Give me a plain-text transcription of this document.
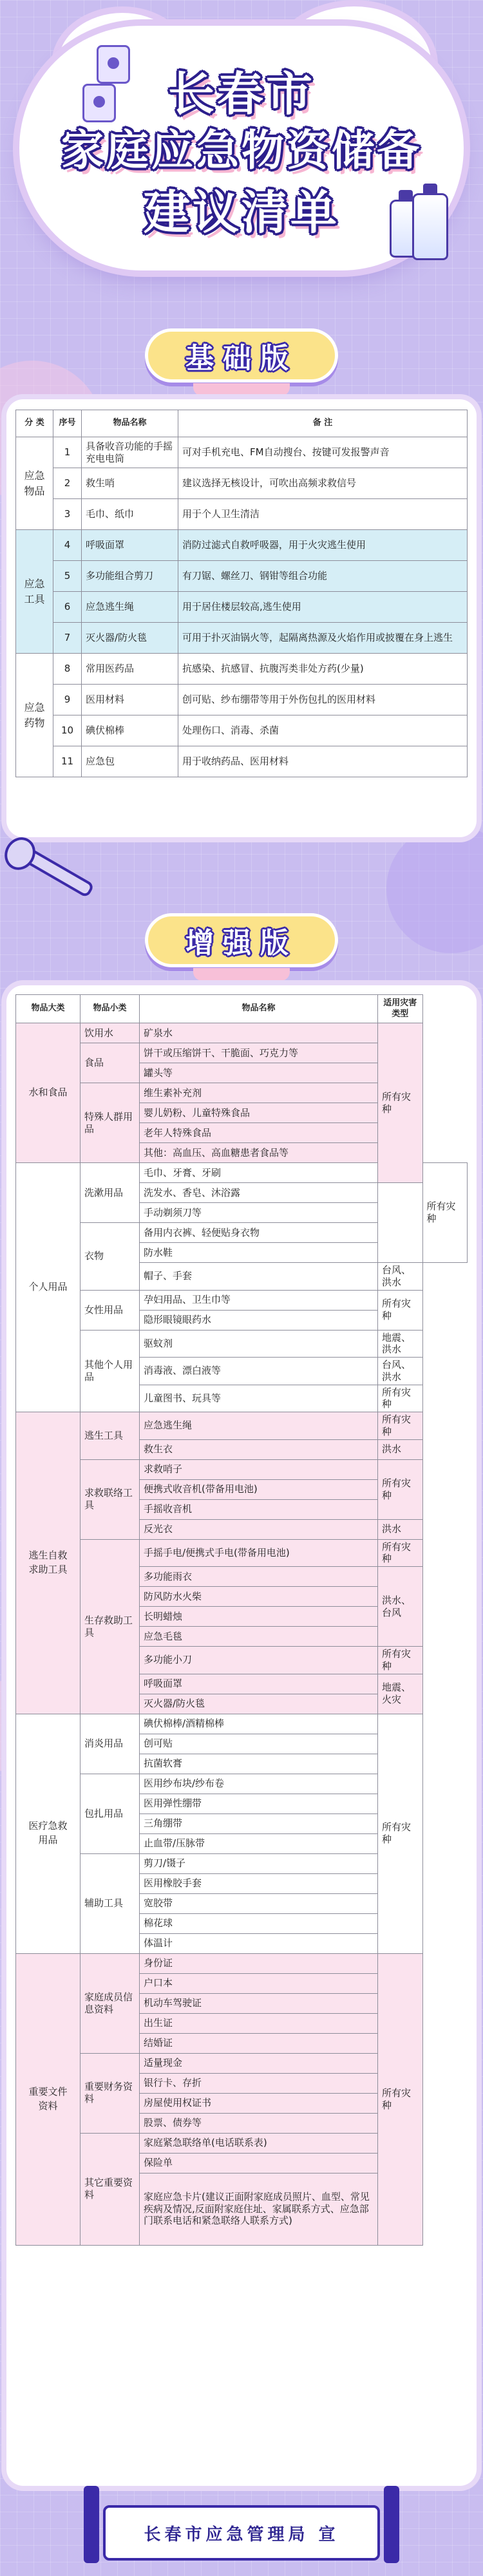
长春市
家庭应急物资储备
建议清单
基础版
分 类	序号	物品名称	备 注
应急物品	1	具备收音功能的手摇充电电筒	可对手机充电、FM自动搜台、按键可发报警声音
	2	救生哨	建议选择无核设计，可吹出高频求救信号
	3	毛巾、纸巾	用于个人卫生清洁
应急工具	4	呼吸面罩	消防过滤式自救呼吸器，用于火灾逃生使用
	5	多功能组合剪刀	有刀锯、螺丝刀、钢钳等组合功能
	6	应急逃生绳	用于居住楼层较高,逃生使用
	7	灭火器/防火毯	可用于扑灭油锅火等，起隔离热源及火焰作用或披覆在身上逃生
应急药物	8	常用医药品	抗感染、抗感冒、抗腹泻类非处方药(少量)
	9	医用材料	创可贴、纱布绷带等用于外伤包扎的医用材料
	10	碘伏棉棒	处理伤口、消毒、杀菌
	11	应急包	用于收纳药品、医用材料
增强版
物品大类	物品小类	物品名称	适用灾害类型	
水和食品	饮用水	矿泉水	所有灾种	
	食品	饼干或压缩饼干、干脆面、巧克力等		
		罐头等		
	特殊人群用品	维生素补充剂		
		婴儿奶粉、儿童特殊食品		
		老年人特殊食品		
		其他：高血压、高血糖患者食品等		
个人用品	洗漱用品	毛巾、牙膏、牙刷		所有灾种
		洗发水、香皂、沐浴露		
		手动剃须刀等		
	衣物	备用内衣裤、轻便贴身衣物		
		防水鞋		
		帽子、手套	台风、洪水	
	女性用品	孕妇用品、卫生巾等	所有灾种	
		隐形眼镜眼药水		
	其他个人用品	驱蚊剂	地震、洪水	
		消毒液、漂白液等	台风、洪水	
		儿童图书、玩具等	所有灾种	
逃生自救求助工具	逃生工具	应急逃生绳	所有灾种	
		救生衣	洪水	
	求救联络工具	求救哨子	所有灾种	
		便携式收音机(带备用电池)		
		手摇收音机		
		反光衣	洪水	
	生存救助工具	手摇手电/便携式手电(带备用电池)	所有灾种	
		多功能雨衣	洪水、台风	
		防风防水火柴		
		长明蜡烛		
		应急毛毯		
		多功能小刀	所有灾种	
		呼吸面罩	地震、火灾	
		灭火器/防火毯		
医疗急救用品	消炎用品	碘伏棉棒/酒精棉棒	所有灾种	
		创可贴		
		抗菌软膏		
	包扎用品	医用纱布块/纱布卷		
		医用弹性绷带		
		三角绷带		
		止血带/压脉带		
	辅助工具	剪刀/镊子		
		医用橡胶手套		
		宽胶带		
		棉花球		
		体温计		
重要文件资料	家庭成员信息资料	身份证	所有灾种	
		户口本		
		机动车驾驶证		
		出生证		
		结婚证		
	重要财务资料	适量现金		
		银行卡、存折		
		房屋使用权证书		
		股票、债券等		
	其它重要资料	家庭紧急联络单(电话联系表)		
		保险单		
		家庭应急卡片(建议正面附家庭成员照片、血型、常见疾病及情况,反面附家庭住址、家属联系方式、应急部门联系电话和紧急联络人联系方式)		
长春市应急管理局 宣
